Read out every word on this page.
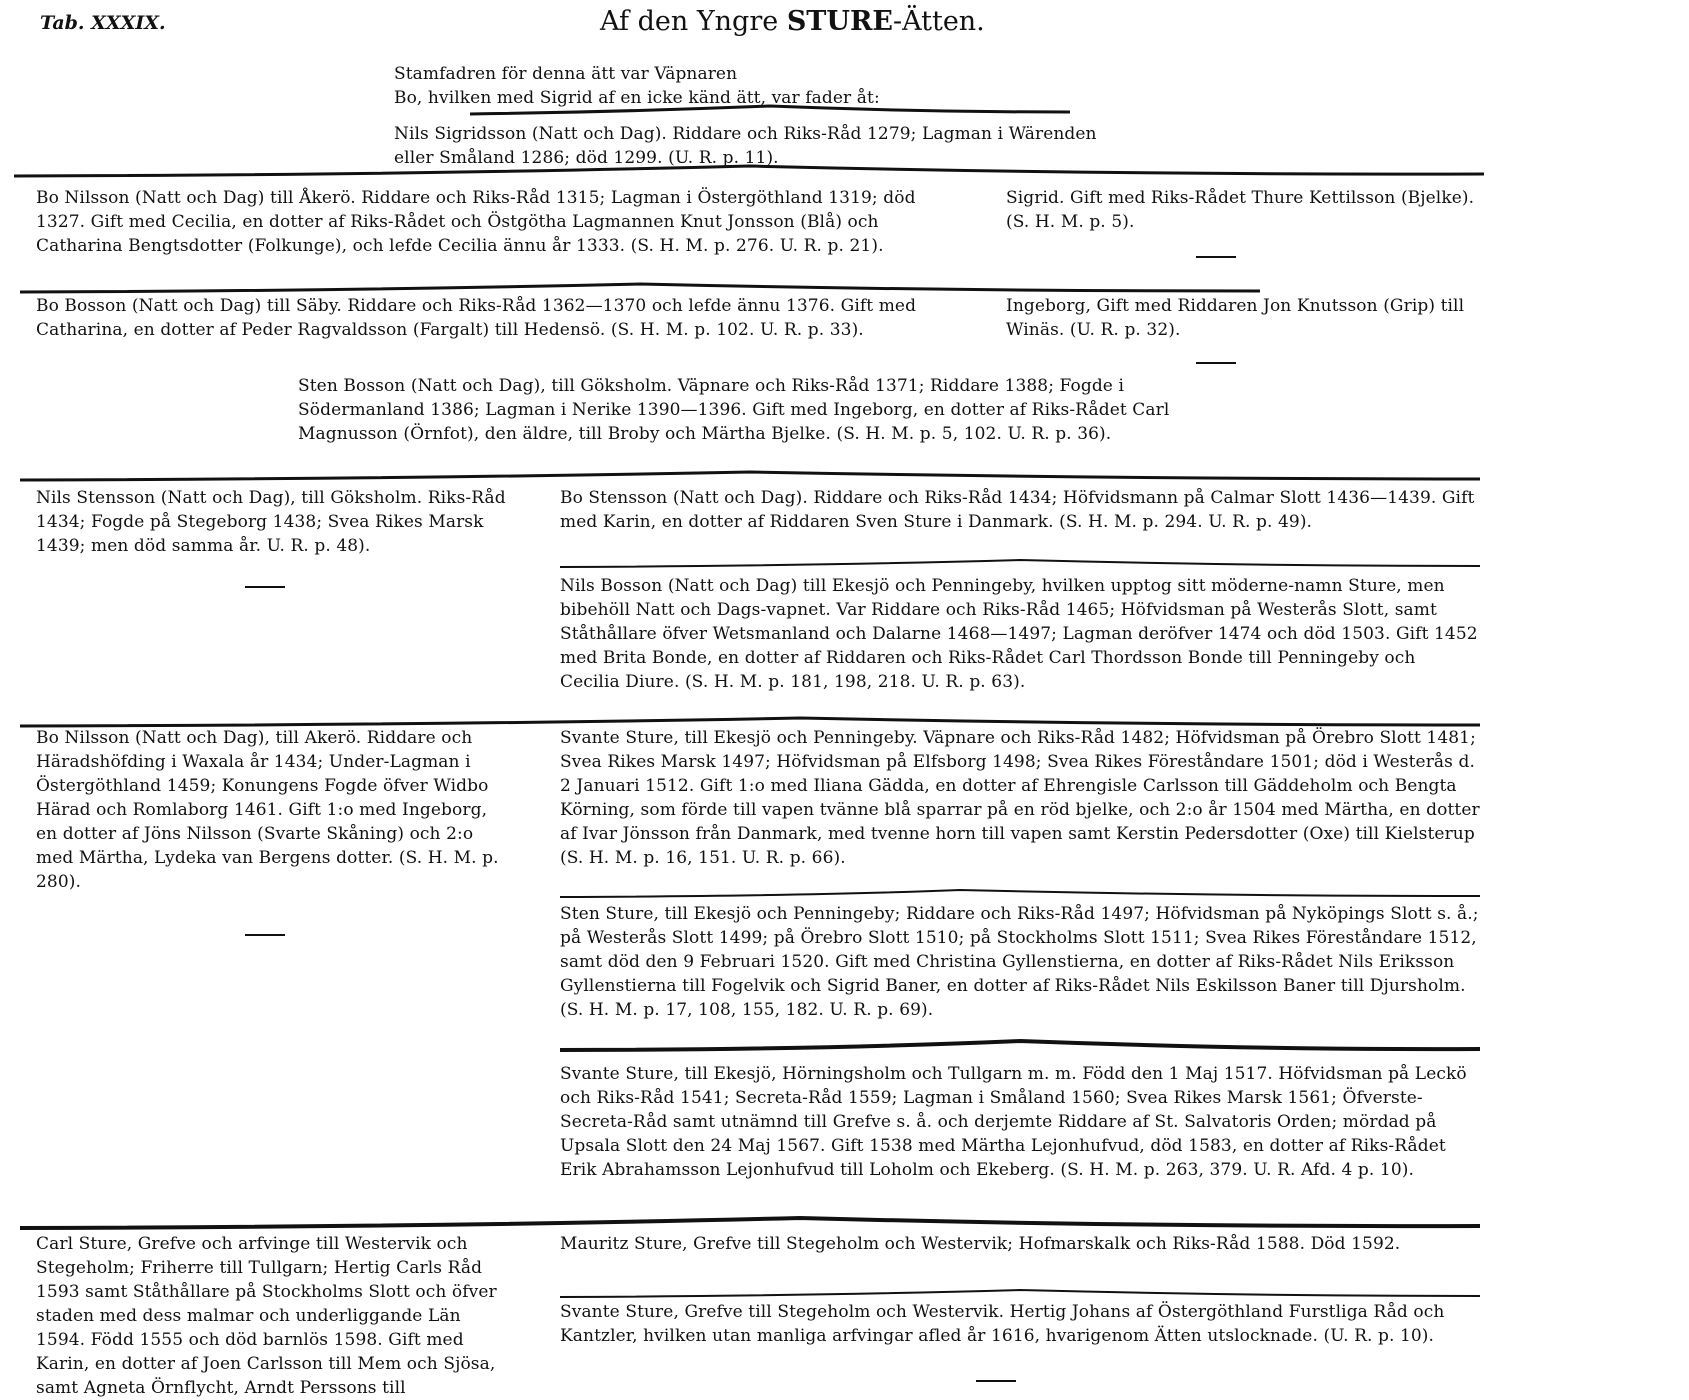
Tab. XXXIX.	Af den Yngre STURE-Ätten.

Stamfadren för denna ätt var Väpnaren

Bo, hvilken med Sigrid af en icke känd ätt, var fader åt:

Nils Sigridsson (Natt och Dag). Riddare och Riks-Råd 1279; Lagman i Wärenden eller Småland 1286; död 1299. (U. R. p. 11).
Bo Nilsson (Natt och Dag) till Åkerö. Riddare och Riks-Råd 1315; Lagman i Östergöthland 1319; död 1327. Gift med Cecilia, en dotter af Riks-Rådet och Östgötha Lagmannen Knut Jonsson (Blå) och Catharina Bengtsdotter (Folkunge), och lefde Cecilia ännu år 1333. (S. H. M. p. 276. U. R. p. 21).
Sigrid. Gift med Riks-Rådet Thure Kettilsson (Bjelke). (S. H. M. p. 5).
Bo Bosson (Natt och Dag) till Säby. Riddare och Riks-Råd 1362—1370 och lefde ännu 1376. Gift med Catharina, en dotter af Peder Ragvaldsson (Fargalt) till Hedensö. (S. H. M. p. 102. U. R. p. 33).
Ingeborg, Gift med Riddaren Jon Knutsson (Grip) till Winäs. (U. R. p. 32).
Sten Bosson (Natt och Dag), till Göksholm. Väpnare och Riks-Råd 1371; Riddare 1388; Fogde i Södermanland 1386; Lagman i Nerike 1390—1396. Gift med Ingeborg, en dotter af Riks-Rådet Carl Magnusson (Örnfot), den äldre, till Broby och Märtha Bjelke. (S. H. M. p. 5, 102. U. R. p. 36).
Nils Stensson (Natt och Dag), till Göksholm. Riks-Råd 1434; Fogde på Stegeborg 1438; Svea Rikes Marsk 1439; men död samma år. U. R. p. 48).
Bo Stensson (Natt och Dag). Riddare och Riks-Råd 1434; Höfvidsmann på Calmar Slott 1436—1439. Gift med Karin, en dotter af Riddaren Sven Sture i Danmark. (S. H. M. p. 294. U. R. p. 49).
Nils Bosson (Natt och Dag) till Ekesjö och Penningeby, hvilken upptog sitt möderne-namn Sture, men bibehöll Natt och Dags-vapnet. Var Riddare och Riks-Råd 1465; Höfvidsman på Westerås Slott, samt Ståthållare öfver Wetsmanland och Dalarne 1468—1497; Lagman deröfver 1474 och död 1503. Gift 1452 med Brita Bonde, en dotter af Riddaren och Riks-Rådet Carl Thordsson Bonde till Penningeby och Cecilia Diure. (S. H. M. p. 181, 198, 218. U. R. p. 63).
Bo Nilsson (Natt och Dag), till Akerö. Riddare och Häradshöfding i Waxala år 1434; Under-Lagman i Östergöthland 1459; Konungens Fogde öfver Widbo Härad och Romlaborg 1461. Gift 1:o med Ingeborg, en dotter af Jöns Nilsson (Svarte Skåning) och 2:o med Märtha, Lydeka van Bergens dotter. (S. H. M. p. 280).
Svante Sture, till Ekesjö och Penningeby. Väpnare och Riks-Råd 1482; Höfvidsman på Örebro Slott 1481; Svea Rikes Marsk 1497; Höfvidsman på Elfsborg 1498; Svea Rikes Föreståndare 1501; död i Westerås d. 2 Januari 1512. Gift 1:o med Iliana Gädda, en dotter af Ehrengisle Carlsson till Gäddeholm och Bengta Körning, som förde till vapen tvänne blå sparrar på en röd bjelke, och 2:o år 1504 med Märtha, en dotter af Ivar Jönsson från Danmark, med tvenne horn till vapen samt Kerstin Pedersdotter (Oxe) till Kielsterup (S. H. M. p. 16, 151. U. R. p. 66).
Sten Sture, till Ekesjö och Penningeby; Riddare och Riks-Råd 1497; Höfvidsman på Nyköpings Slott s. å.; på Westerås Slott 1499; på Örebro Slott 1510; på Stockholms Slott 1511; Svea Rikes Föreståndare 1512, samt död den 9 Februari 1520. Gift med Christina Gyllenstierna, en dotter af Riks-Rådet Nils Eriksson Gyllenstierna till Fogelvik och Sigrid Baner, en dotter af Riks-Rådet Nils Eskilsson Baner till Djursholm. (S. H. M. p. 17, 108, 155, 182. U. R. p. 69).
Svante Sture, till Ekesjö, Hörningsholm och Tullgarn m. m. Född den 1 Maj 1517. Höfvidsman på Leckö och Riks-Råd 1541; Secreta-Råd 1559; Lagman i Småland 1560; Svea Rikes Marsk 1561; Öfverste-Secreta-Råd samt utnämnd till Grefve s. å. och derjemte Riddare af St. Salvatoris Orden; mördad på Upsala Slott den 24 Maj 1567. Gift 1538 med Märtha Lejonhufvud, död 1583, en dotter af Riks-Rådet Erik Abrahamsson Lejonhufvud till Loholm och Ekeberg. (S. H. M. p. 263, 379. U. R. Afd. 4 p. 10).
Carl Sture, Grefve och arfvinge till Westervik och Stegeholm; Friherre till Tullgarn; Hertig Carls Råd 1593 samt Ståthållare på Stockholms Slott och öfver staden med dess malmar och underliggande Län 1594. Född 1555 och död barnlös 1598. Gift med Karin, en dotter af Joen Carlsson till Mem och Sjösa, samt Agneta Örnflycht, Arndt Perssons till
Mauritz Sture, Grefve till Stegeholm och Westervik; Hofmarskalk och Riks-Råd 1588. Död 1592.
Svante Sture, Grefve till Stegeholm och Westervik. Hertig Johans af Östergöthland Furstliga Råd och Kantzler, hvilken utan manliga arfvingar afled år 1616, hvarigenom Ätten utslocknade. (U. R. p. 10).
